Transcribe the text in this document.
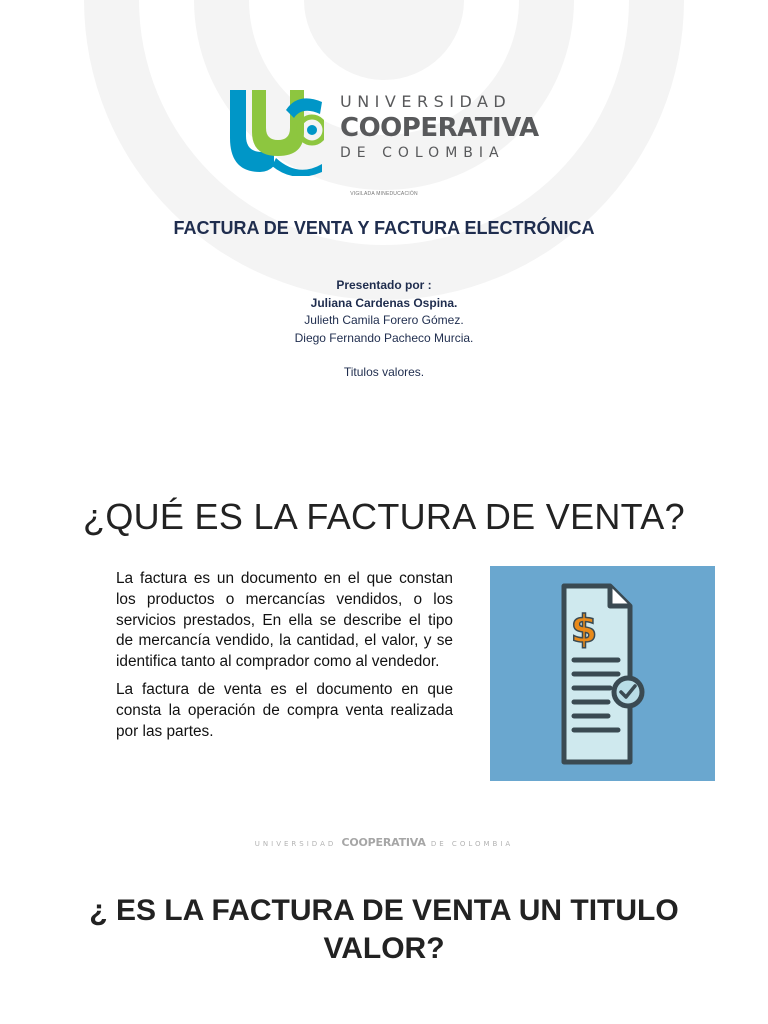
UNIVERSIDAD
COOPERATIVA
DE COLOMBIA
VIGILADA MINEDUCACIÓN
FACTURA DE VENTA Y FACTURA ELECTRÓNICA
Presentado por :
Juliana Cardenas Ospina.
Julieth Camila Forero Gómez.
Diego Fernando Pacheco Murcia.
Titulos valores.
¿QUÉ ES LA FACTURA DE VENTA?

La factura es un documento en el que constan los productos o mercancías vendidos, o los servicios prestados, En ella se describe el tipo de mercancía vendido, la cantidad, el valor, y se identifica tanto al comprador como al vendedor.

La factura de venta es el documento en que consta la operación de compra venta realizada por las partes.

$
UNIVERSIDAD COOPERATIVA DE COLOMBIA
¿ ES LA FACTURA DE VENTA UN TITULO VALOR?
